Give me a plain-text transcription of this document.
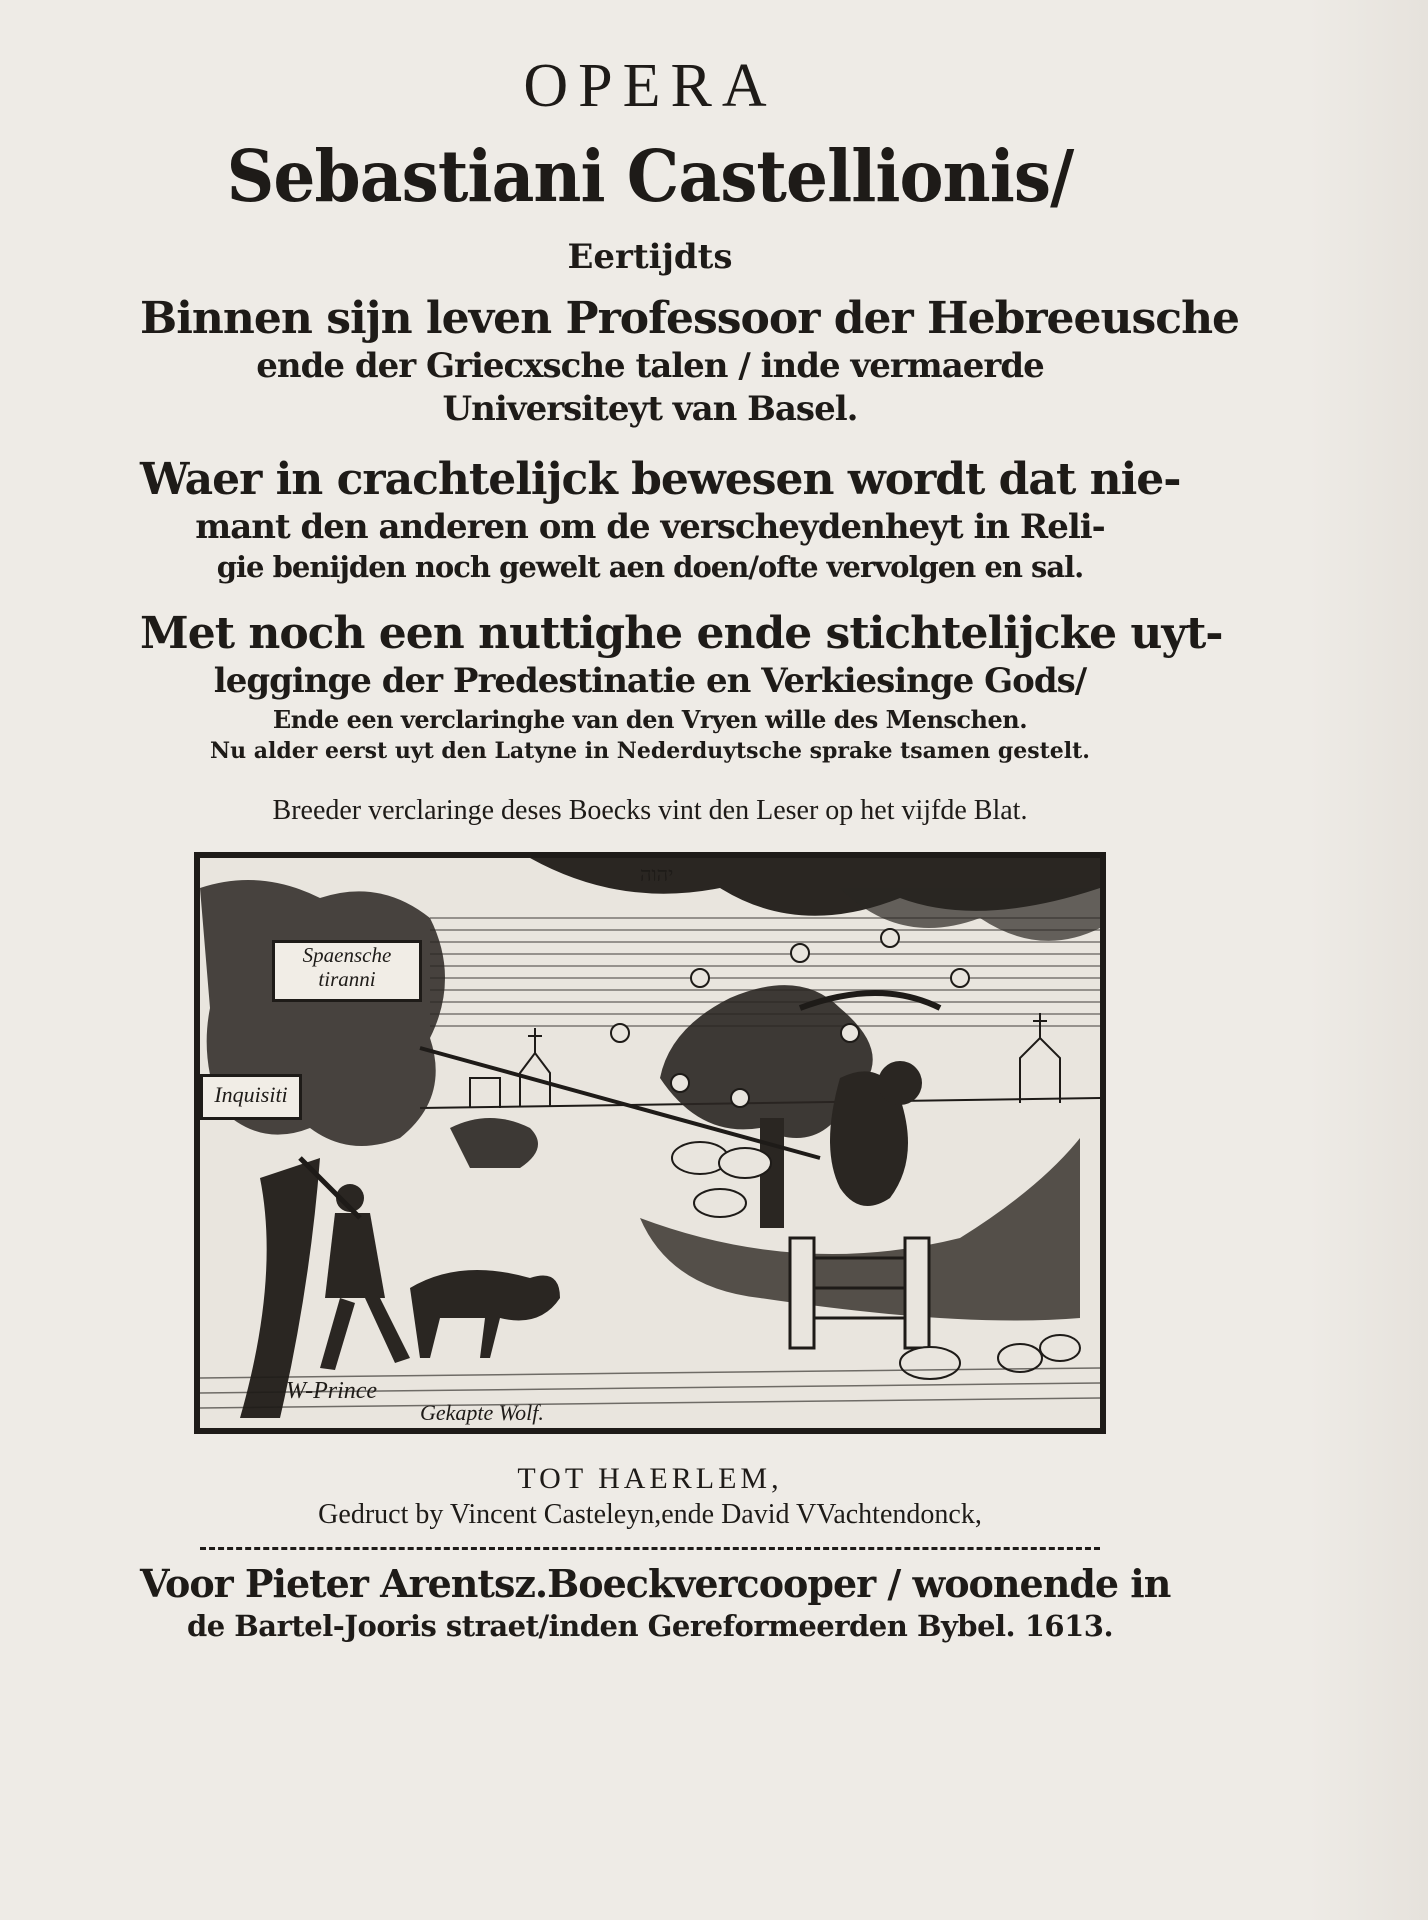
OPERA
Sebastiani Castellionis/
Eertijdts
Binnen sijn leven Professoor der Hebreeusche
ende der Griecxsche talen / inde vermaerde
Universiteyt van Basel.
Waer in crachtelijck bewesen wordt dat nie-
mant den anderen om de verscheydenheyt in Reli-
gie benijden noch gewelt aen doen/ofte vervolgen en sal.
Met noch een nuttighe ende stichtelijcke uyt-
legginge der Predestinatie en Verkiesinge Gods/
Ende een verclaringhe van den Vryen wille des Menschen.
Nu alder eerst uyt den Latyne in Nederduytsche sprake tsamen gestelt.
Breeder verclaringe deses Boecks vint den Leser op het vijfde Blat.
יהוה
Spaensche
tiranni
Inquisiti
W-Prince
Gekapte Wolf.
TOT HAERLEM,
Gedruct by Vincent Casteleyn,ende David VVachtendonck,
Voor Pieter Arentsz.Boeckvercooper / woonende in
de Bartel-Jooris straet/inden Gereformeerden Bybel. 1613.
